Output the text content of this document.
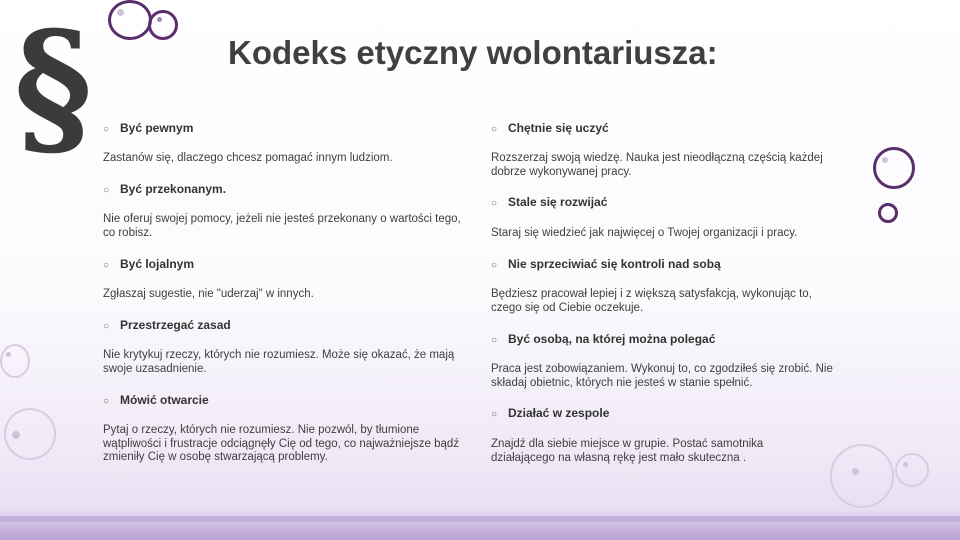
§	Kodeks etyczny wolontariusza:
○ Być pewnym
Zastanów się, dlaczego chcesz pomagać innym ludziom.
○ Być przekonanym.
Nie oferuj swojej pomocy, jeżeli nie jesteś przekonany o wartości tego, co robisz.
○ Być lojalnym
Zgłaszaj sugestie, nie "uderzaj" w innych.
○ Przestrzegać zasad
Nie krytykuj rzeczy, których nie rozumiesz. Może się okazać, że mają swoje uzasadnienie.
○ Mówić otwarcie
Pytaj o rzeczy, których nie rozumiesz. Nie pozwól, by tłumione wątpliwości i frustracje odciągnęły Cię od tego, co najważniejsze bądź zmieniły Cię w osobę stwarzającą problemy.
○ Chętnie się uczyć
Rozszerzaj swoją wiedzę. Nauka jest nieodłączną częścią każdej dobrze wykonywanej pracy.
○ Stale się rozwijać
Staraj się wiedzieć jak najwięcej o Twojej organizacji i pracy.
○ Nie sprzeciwiać się kontroli nad sobą
Będziesz pracował lepiej i z większą satysfakcją, wykonując to, czego się od Ciebie oczekuje.
○ Być osobą, na której można polegać
Praca jest zobowiązaniem. Wykonuj to, co zgodziłeś się zrobić. Nie składaj obietnic, których nie jesteś w stanie spełnić.
○ Działać w zespole
Znajdź dla siebie miejsce w grupie. Postać samotnika działającego na własną rękę jest mało skuteczna .
